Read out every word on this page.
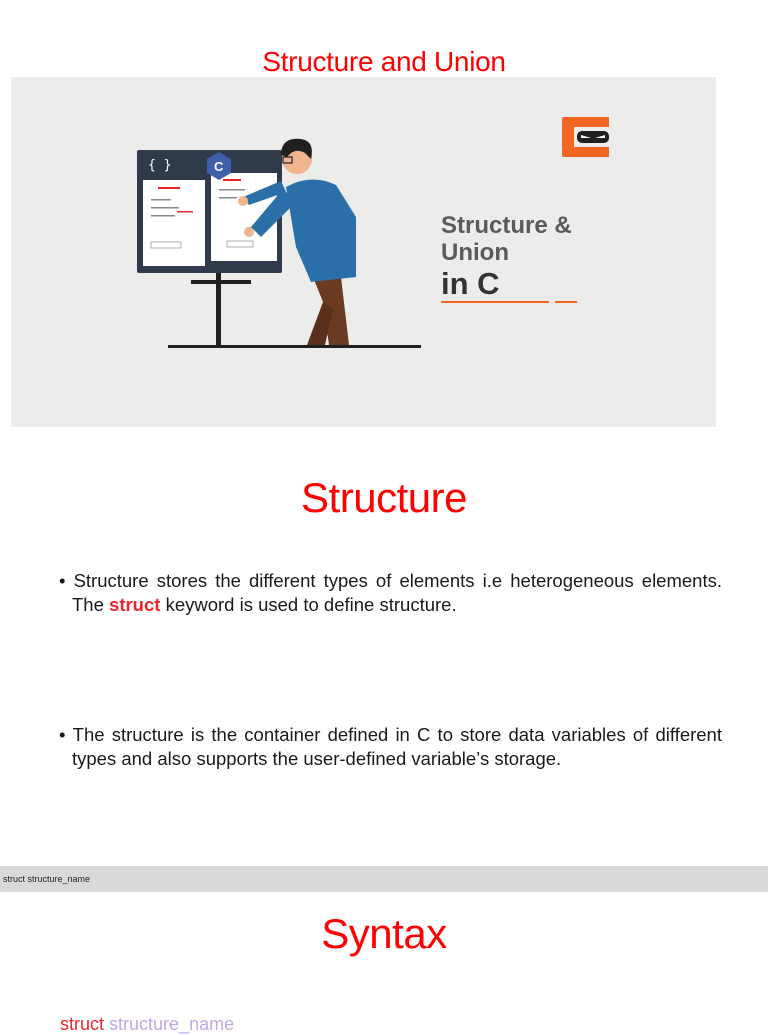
Structure and Union
{ }	C
Structure &
Union
in C
Structure

• Structure stores the different types of elements i.e heterogeneous elements. The struct keyword is used to define structure.

• The structure is the container defined in C to store data variables of different types and also supports the user-defined variable’s storage.

struct structure_name
Syntax
struct structure_name
